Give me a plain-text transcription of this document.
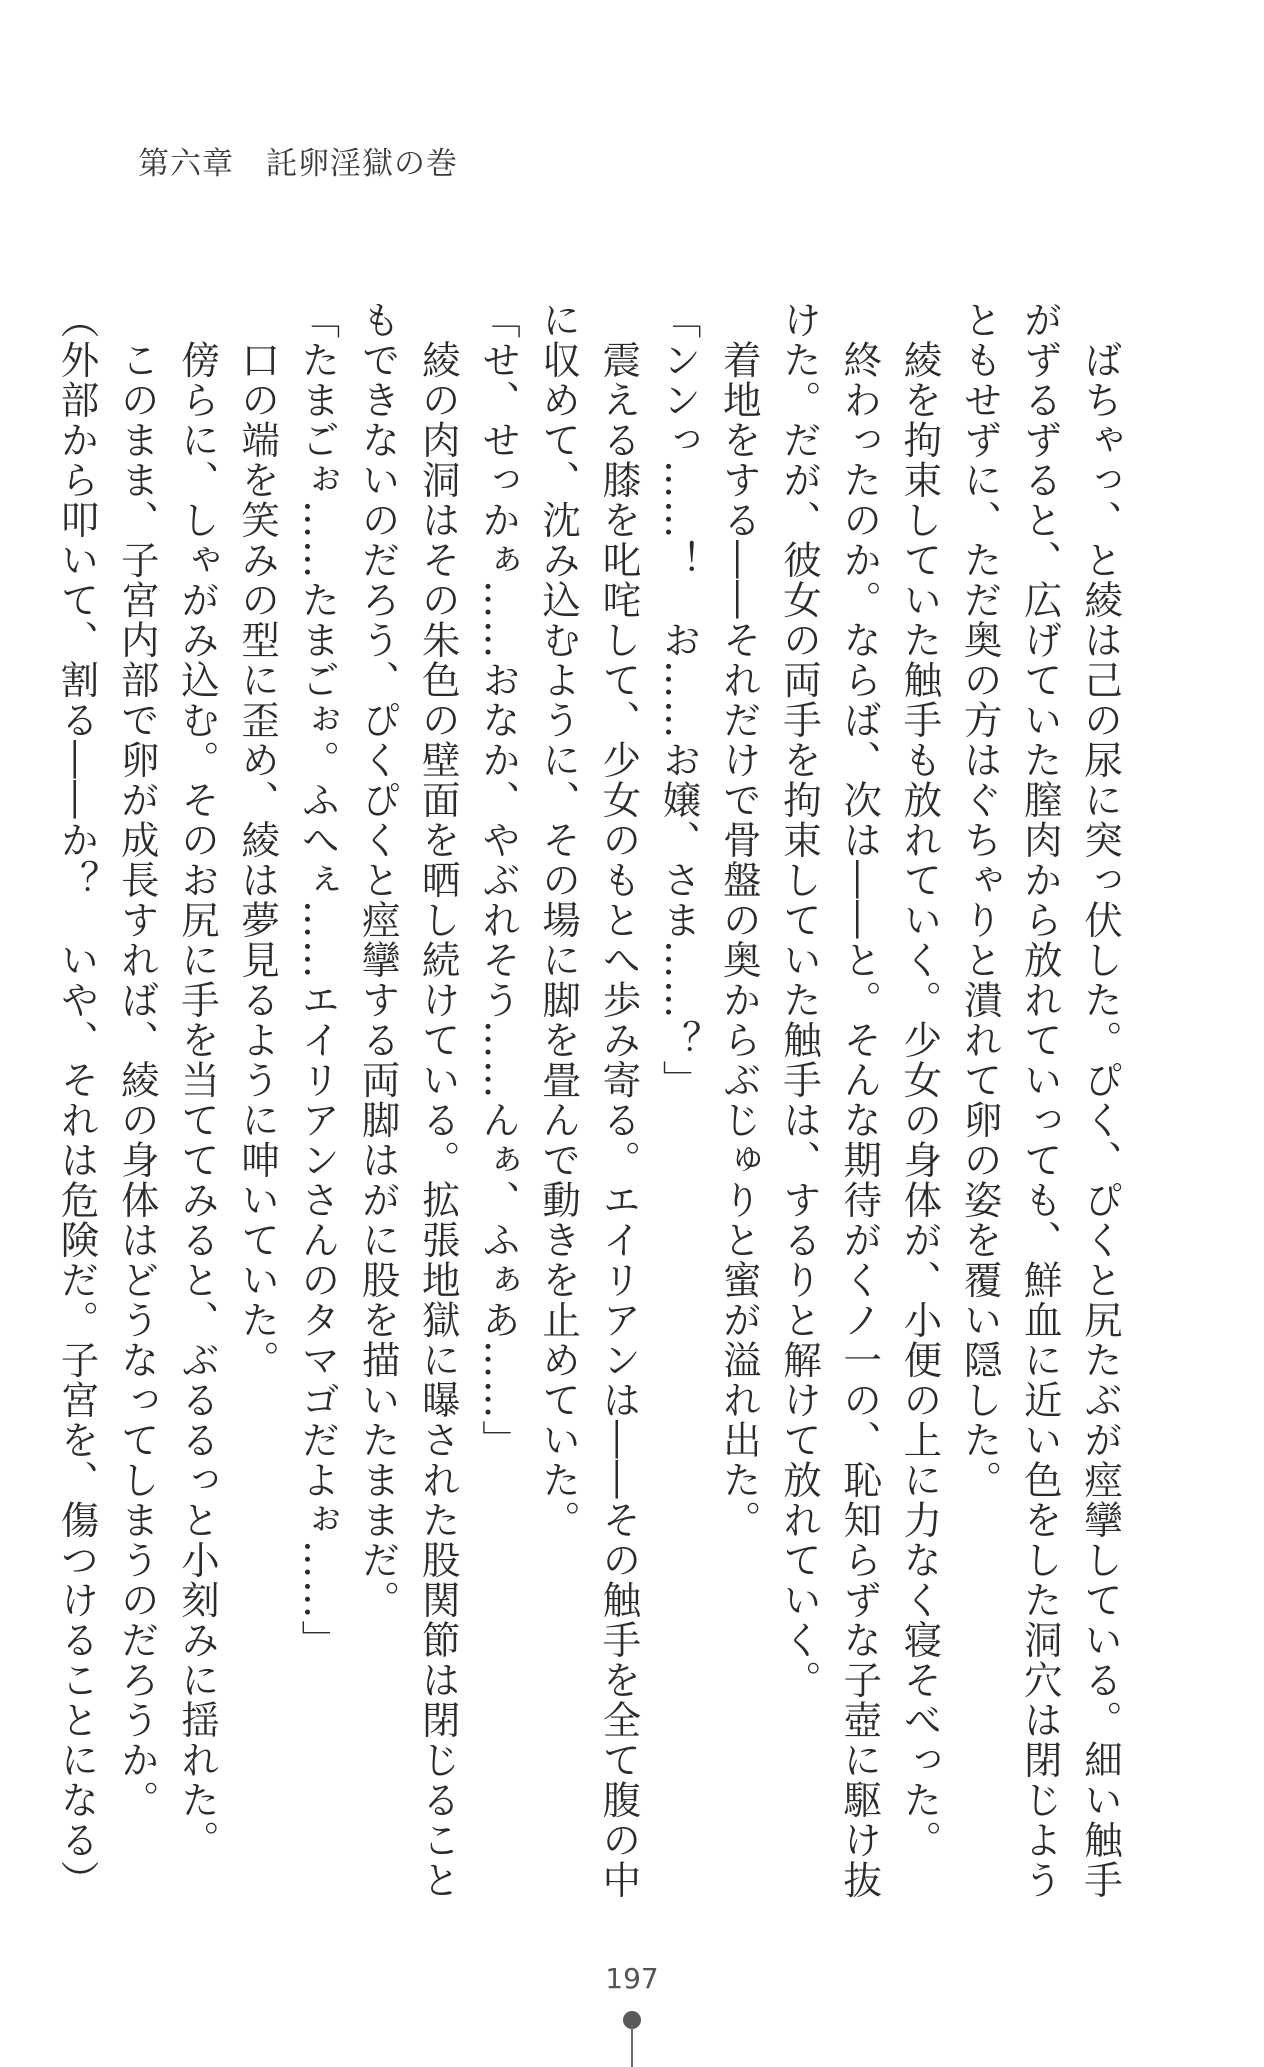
第六章　託卵淫獄の巻

　ばちゃっ、と綾は己の尿に突っ伏した。ぴく、ぴくと尻たぶが痙攣している。細い触手

がずるずると、広げていた膣肉から放れていっても、鮮血に近い色をした洞穴は閉じよう

ともせずに、ただ奥の方はぐちゃりと潰れて卵の姿を覆い隠した。

　綾を拘束していた触手も放れていく。少女の身体が、小便の上に力なく寝そべった。

　終わったのか。ならば、次は――と。そんな期待がくノ一の、恥知らずな子壺に駆け抜

けた。だが、彼女の両手を拘束していた触手は、するりと解けて放れていく。

　着地をする――それだけで骨盤の奥からぶじゅりと蜜が溢れ出た。

「ンンっ……！　お……お嬢、さま……？」

　震える膝を叱咤して、少女のもとへ歩み寄る。エイリアンは――その触手を全て腹の中

に収めて、沈み込むように、その場に脚を畳んで動きを止めていた。

「せ、せっかぁ……おなか、やぶれそう……んぁ、ふぁあ……」

　綾の肉洞はその朱色の壁面を晒し続けている。拡張地獄に曝された股関節は閉じること

もできないのだろう、ぴくぴくと痙攣する両脚はがに股を描いたままだ。

「たまごぉ……たまごぉ。ふへぇ……エイリアンさんのタマゴだよぉ……」

　口の端を笑みの型に歪め、綾は夢見るように呻いていた。

　傍らに、しゃがみ込む。そのお尻に手を当ててみると、ぶるるっと小刻みに揺れた。

　このまま、子宮内部で卵が成長すれば、綾の身体はどうなってしまうのだろうか。

（外部から叩いて、割る――か？　いや、それは危険だ。子宮を、傷つけることになる）

197
